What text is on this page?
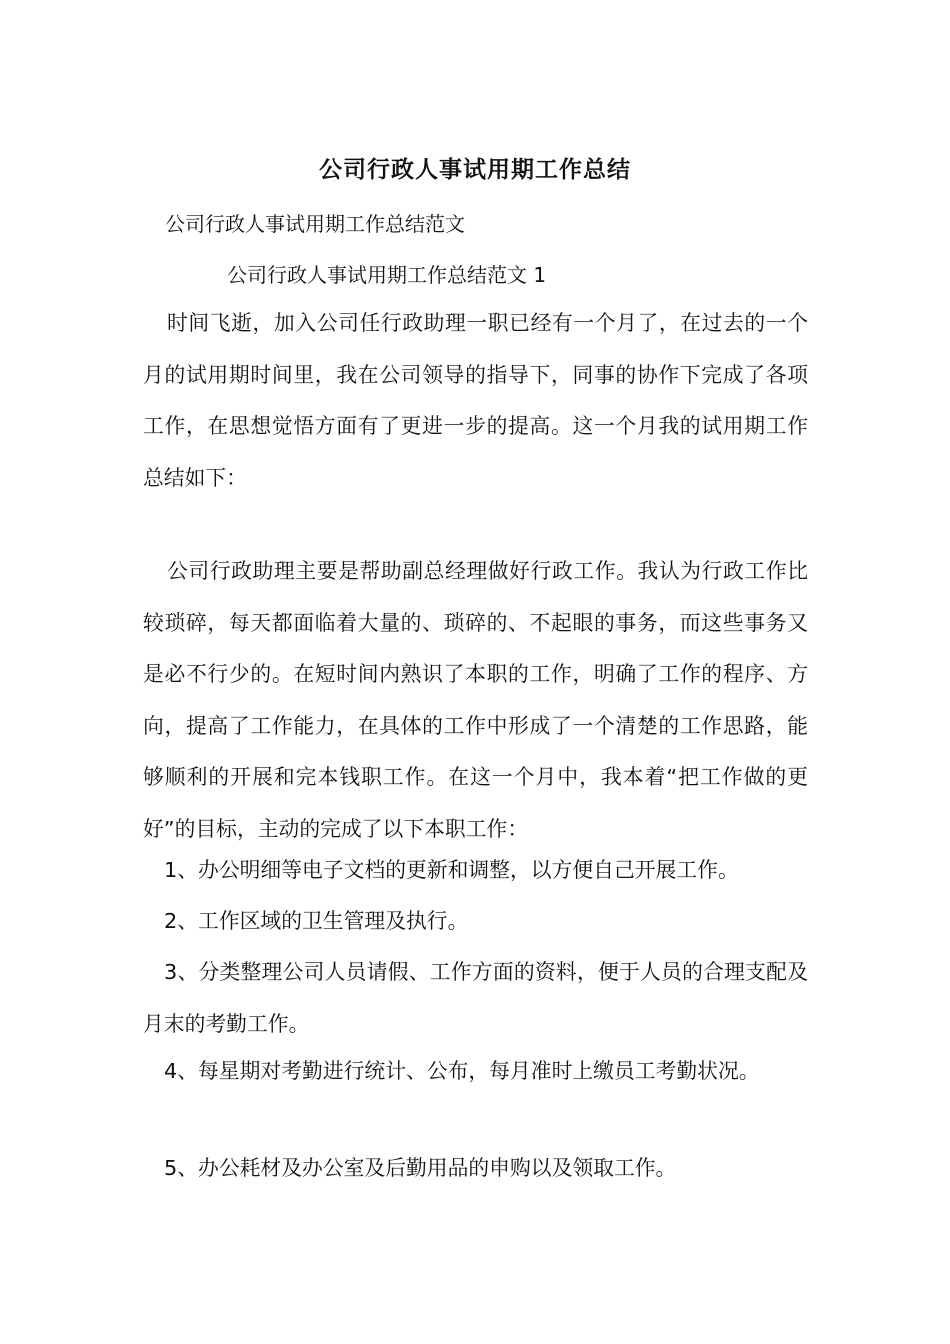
公司行政人事试用期工作总结

公司行政人事试用期工作总结范文

公司行政人事试用期工作总结范文 1

时间飞逝，加入公司任行政助理一职已经有一个月了，在过去的一个月的试用期时间里，我在公司领导的指导下，同事的协作下完成了各项工作，在思想觉悟方面有了更进一步的提高。这一个月我的试用期工作总结如下：

公司行政助理主要是帮助副总经理做好行政工作。我认为行政工作比较琐碎，每天都面临着大量的、琐碎的、不起眼的事务，而这些事务又是必不行少的。在短时间内熟识了本职的工作，明确了工作的程序、方向，提高了工作能力，在具体的工作中形成了一个清楚的工作思路，能够顺利的开展和完本钱职工作。在这一个月中，我本着“把工作做的更好”的目标，主动的完成了以下本职工作：

1、办公明细等电子文档的更新和调整，以方便自己开展工作。

2、工作区域的卫生管理及执行。

3、分类整理公司人员请假、工作方面的资料，便于人员的合理支配及月末的考勤工作。

4、每星期对考勤进行统计、公布，每月准时上缴员工考勤状况。

5、办公耗材及办公室及后勤用品的申购以及领取工作。
